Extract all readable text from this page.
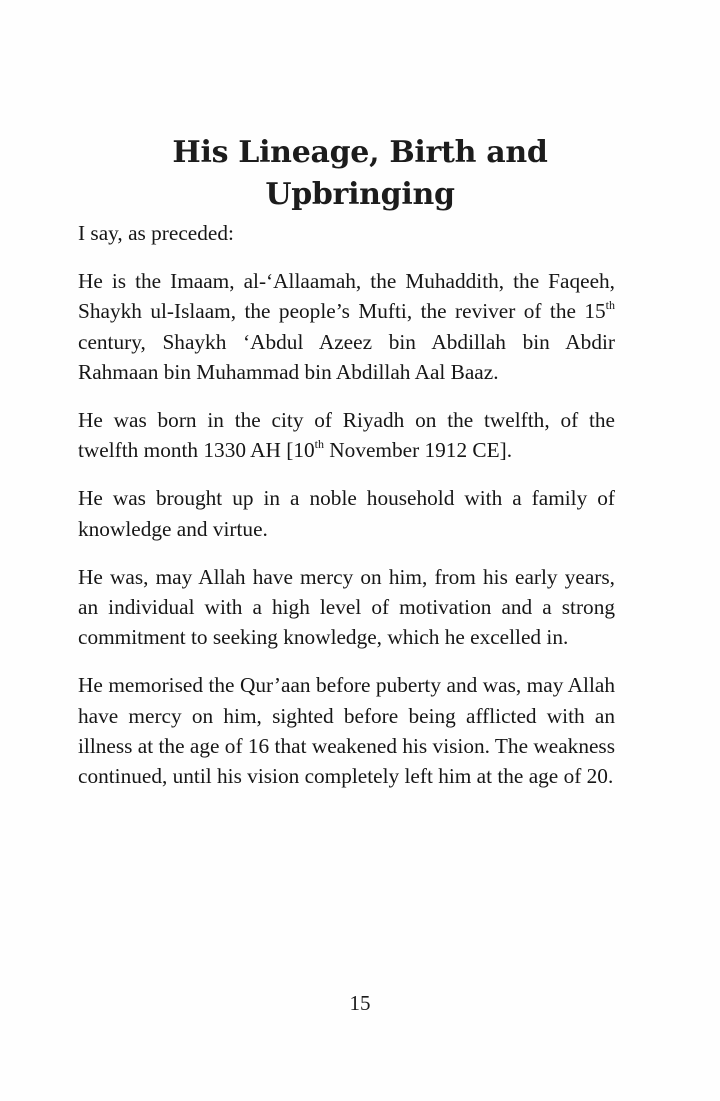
His Lineage, Birth and
Upbringing

I say, as preceded:

He is the Imaam, al-‘Allaamah, the Muhaddith, the Faqeeh, Shaykh ul-Islaam, the people’s Mufti, the reviver of the 15th century, Shaykh ‘Abdul Azeez bin Abdillah bin Abdir Rahmaan bin Muhammad bin Abdillah Aal Baaz.

He was born in the city of Riyadh on the twelfth, of the twelfth month 1330 AH [10th November 1912 CE].

He was brought up in a noble household with a family of knowledge and virtue.

He was, may Allah have mercy on him, from his early years, an individual with a high level of motivation and a strong commitment to seeking knowledge, which he excelled in.

He memorised the Qur’aan before puberty and was, may Allah have mercy on him, sighted before being afflicted with an illness at the age of 16 that weakened his vision. The weakness continued, until his vision completely left him at the age of 20.

15
